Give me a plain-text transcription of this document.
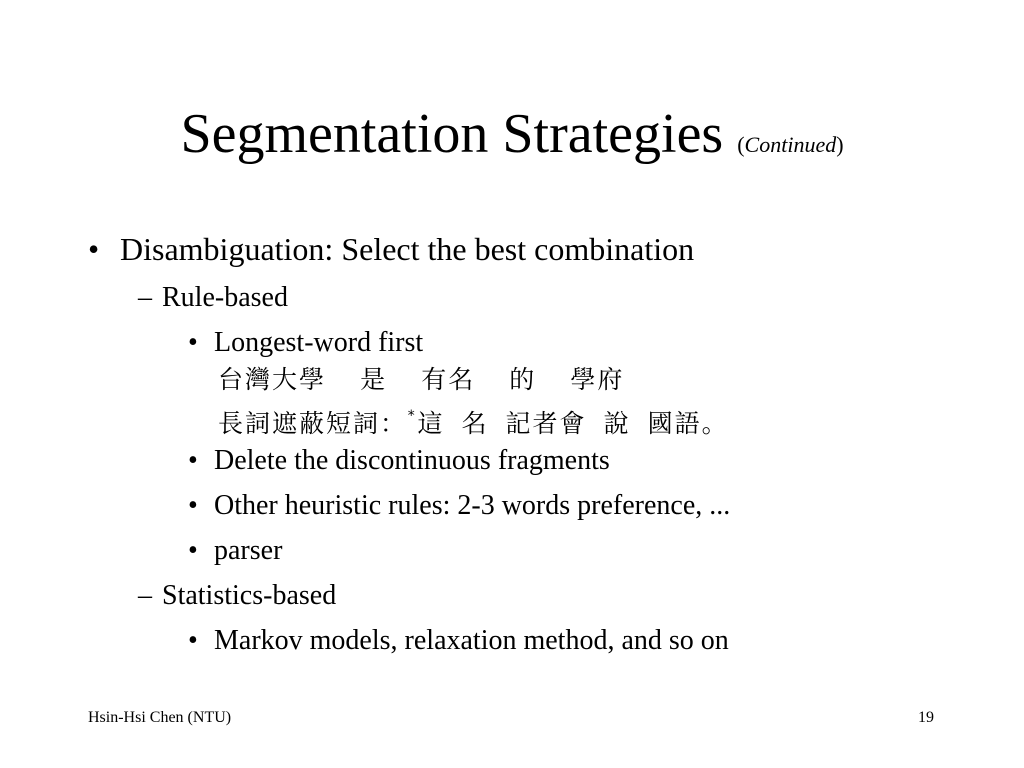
Segmentation Strategies (Continued)
• Disambiguation: Select the best combination
– Rule-based
• Longest-word first
台灣大學  是  有名  的  學府
長詞遮蔽短詞：*這 名 記者會 說 國語。
• Delete the discontinuous fragments
• Other heuristic rules: 2-3 words preference, ...
• parser
– Statistics-based
• Markov models, relaxation method, and so on
Hsin-Hsi Chen (NTU)	19
